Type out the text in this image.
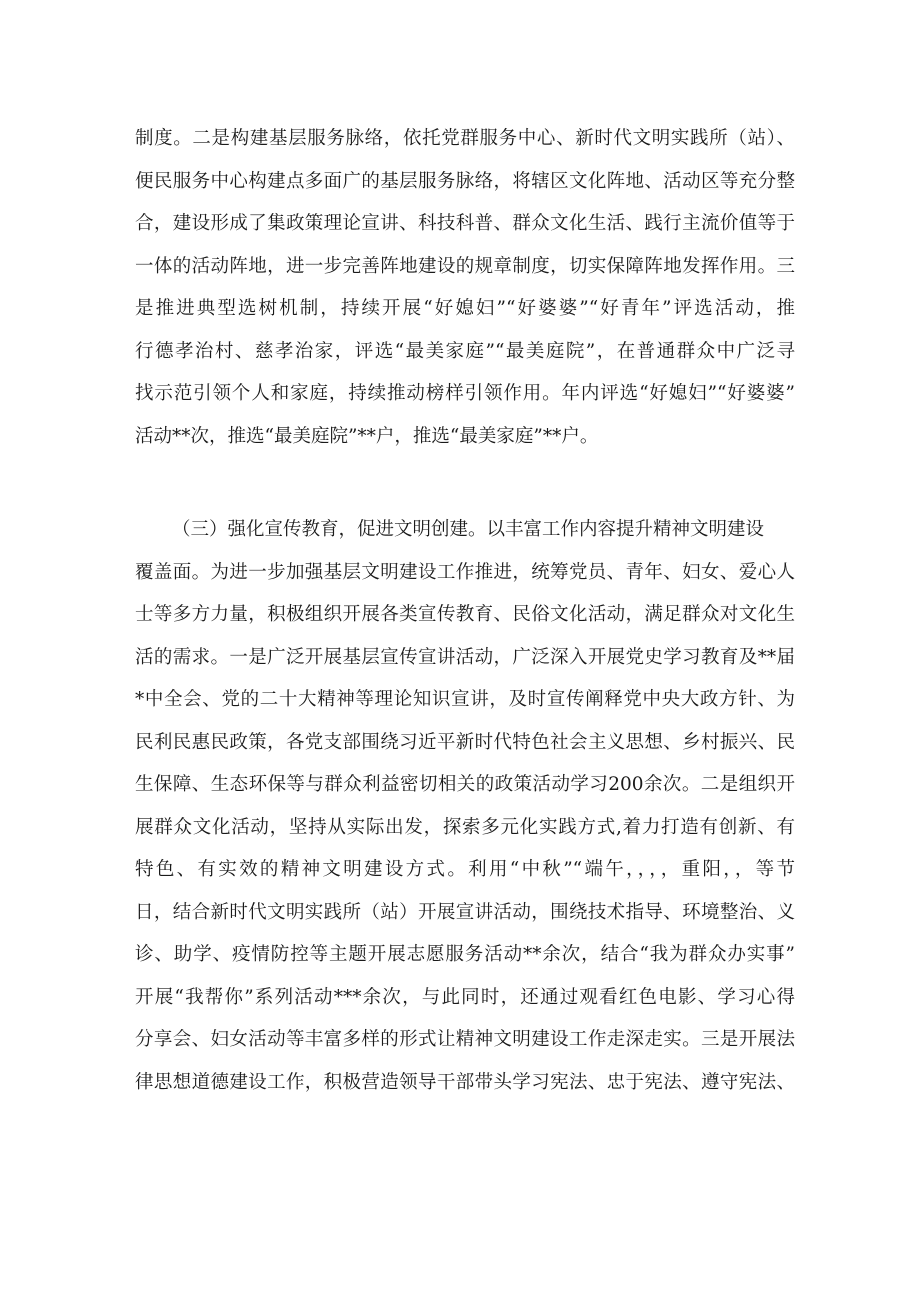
制度。二是构建基层服务脉络，依托党群服务中心、新时代文明实践所（站）、
便民服务中心构建点多面广的基层服务脉络，将辖区文化阵地、活动区等充分整
合，建设形成了集政策理论宣讲、科技科普、群众文化生活、践行主流价值等于
一体的活动阵地，进一步完善阵地建设的规章制度，切实保障阵地发挥作用。三
是推进典型选树机制，持续开展“好媳妇”“好婆婆”“好青年”评选活动，推
行德孝治村、慈孝治家，评选“最美家庭”“最美庭院”，在普通群众中广泛寻
找示范引领个人和家庭，持续推动榜样引领作用。年内评选“好媳妇”“好婆婆”
活动**次，推选“最美庭院”**户，推选“最美家庭”**户。
（三）强化宣传教育，促进文明创建。以丰富工作内容提升精神文明建设
覆盖面。为进一步加强基层文明建设工作推进，统筹党员、青年、妇女、爱心人
士等多方力量，积极组织开展各类宣传教育、民俗文化活动，满足群众对文化生
活的需求。一是广泛开展基层宣传宣讲活动，广泛深入开展党史学习教育及**届
*中全会、党的二十大精神等理论知识宣讲，及时宣传阐释党中央大政方针、为
民利民惠民政策，各党支部围绕习近平新时代特色社会主义思想、乡村振兴、民
生保障、生态环保等与群众利益密切相关的政策活动学习200余次。二是组织开
展群众文化活动，坚持从实际出发，探索多元化实践方式,着力打造有创新、有
特色、有实效的精神文明建设方式。利用“中秋”“端午，，，，重阳，，等节
日，结合新时代文明实践所（站）开展宣讲活动，围绕技术指导、环境整治、义
诊、助学、疫情防控等主题开展志愿服务活动**余次，结合“我为群众办实事”
开展“我帮你”系列活动***余次，与此同时，还通过观看红色电影、学习心得
分享会、妇女活动等丰富多样的形式让精神文明建设工作走深走实。三是开展法
律思想道德建设工作，积极营造领导干部带头学习宪法、忠于宪法、遵守宪法、
